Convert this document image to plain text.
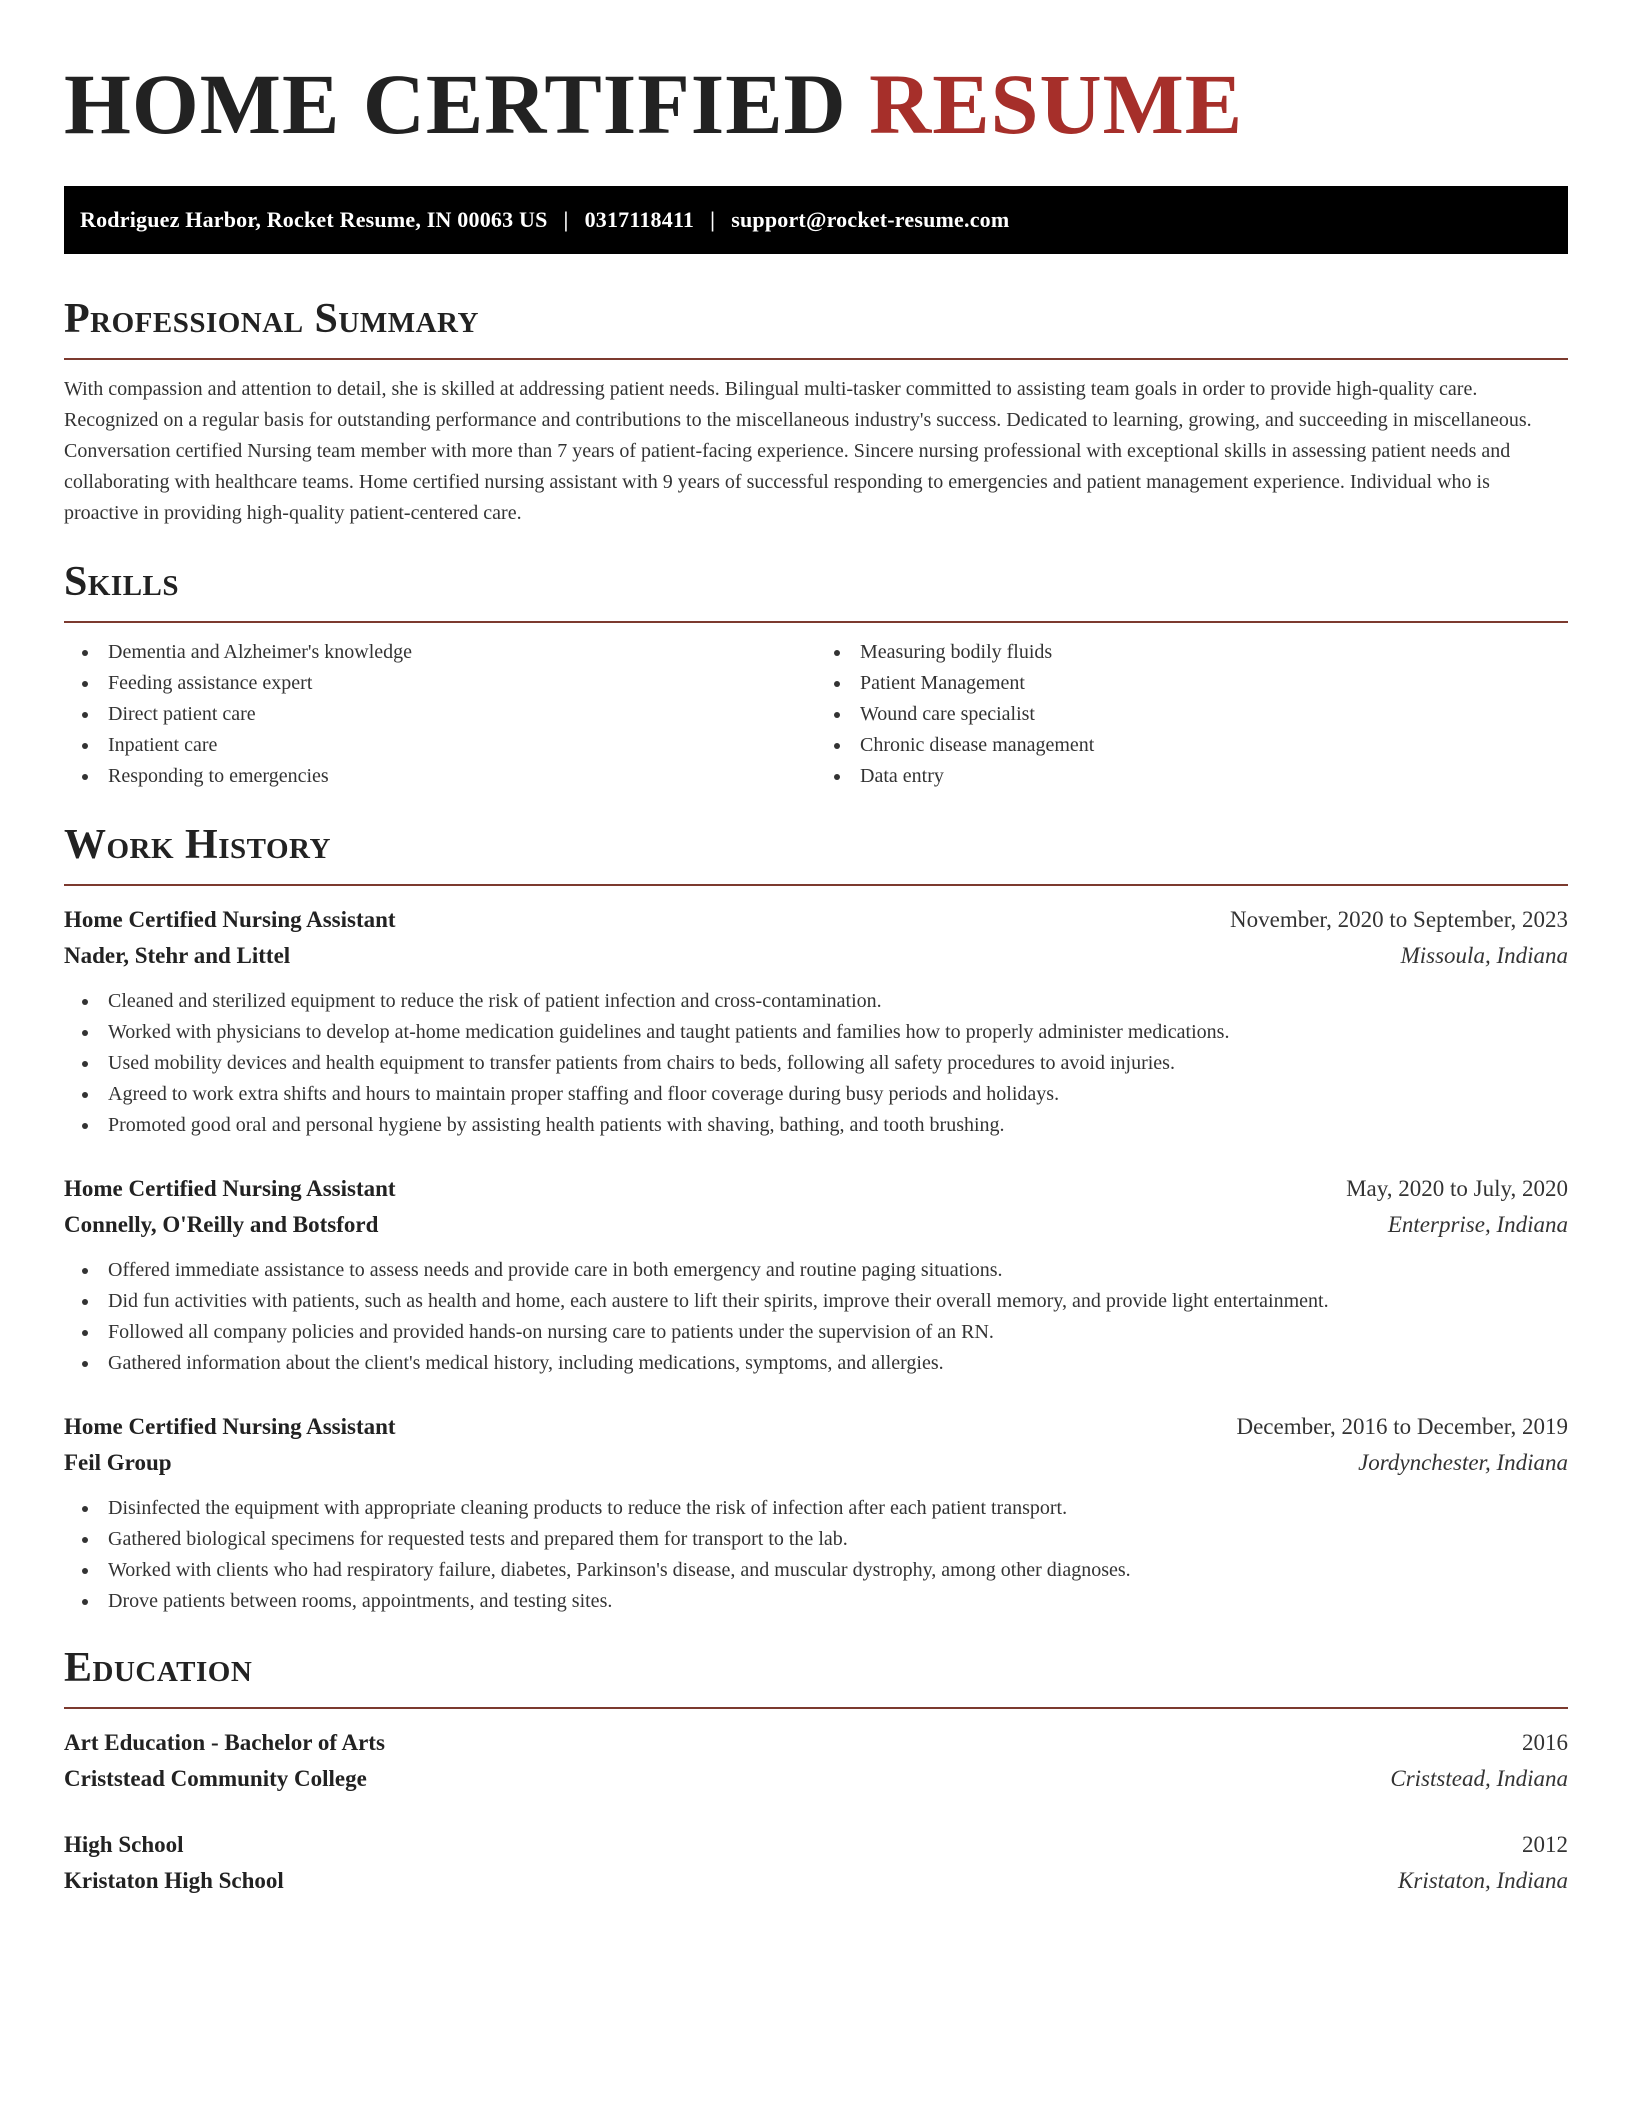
HOME CERTIFIED RESUME
Rodriguez Harbor, Rocket Resume, IN 00063 US | 0317118411 | support@rocket-resume.com
Professional Summary

With compassion and attention to detail, she is skilled at addressing patient needs. Bilingual multi-tasker committed to assisting team goals in order to provide high-quality care. Recognized on a regular basis for outstanding performance and contributions to the miscellaneous industry's success. Dedicated to learning, growing, and succeeding in miscellaneous. Conversation certified Nursing team member with more than 7 years of patient-facing experience. Sincere nursing professional with exceptional skills in assessing patient needs and collaborating with healthcare teams. Home certified nursing assistant with 9 years of successful responding to emergencies and patient management experience. Individual who is proactive in providing high-quality patient-centered care.

Skills
Dementia and Alzheimer's knowledge
Feeding assistance expert
Direct patient care
Inpatient care
Responding to emergencies
Measuring bodily fluids
Patient Management
Wound care specialist
Chronic disease management
Data entry
Work History
Home Certified Nursing Assistant	November, 2020 to September, 2023
Nader, Stehr and Littel	Missoula, Indiana
Cleaned and sterilized equipment to reduce the risk of patient infection and cross-contamination.
Worked with physicians to develop at-home medication guidelines and taught patients and families how to properly administer medications.
Used mobility devices and health equipment to transfer patients from chairs to beds, following all safety procedures to avoid injuries.
Agreed to work extra shifts and hours to maintain proper staffing and floor coverage during busy periods and holidays.
Promoted good oral and personal hygiene by assisting health patients with shaving, bathing, and tooth brushing.
Home Certified Nursing Assistant	May, 2020 to July, 2020
Connelly, O'Reilly and Botsford	Enterprise, Indiana
Offered immediate assistance to assess needs and provide care in both emergency and routine paging situations.
Did fun activities with patients, such as health and home, each austere to lift their spirits, improve their overall memory, and provide light entertainment.
Followed all company policies and provided hands-on nursing care to patients under the supervision of an RN.
Gathered information about the client's medical history, including medications, symptoms, and allergies.
Home Certified Nursing Assistant	December, 2016 to December, 2019
Feil Group	Jordynchester, Indiana
Disinfected the equipment with appropriate cleaning products to reduce the risk of infection after each patient transport.
Gathered biological specimens for requested tests and prepared them for transport to the lab.
Worked with clients who had respiratory failure, diabetes, Parkinson's disease, and muscular dystrophy, among other diagnoses.
Drove patients between rooms, appointments, and testing sites.
Education
Art Education - Bachelor of Arts	2016
Criststead Community College	Criststead, Indiana
High School	2012
Kristaton High School	Kristaton, Indiana
